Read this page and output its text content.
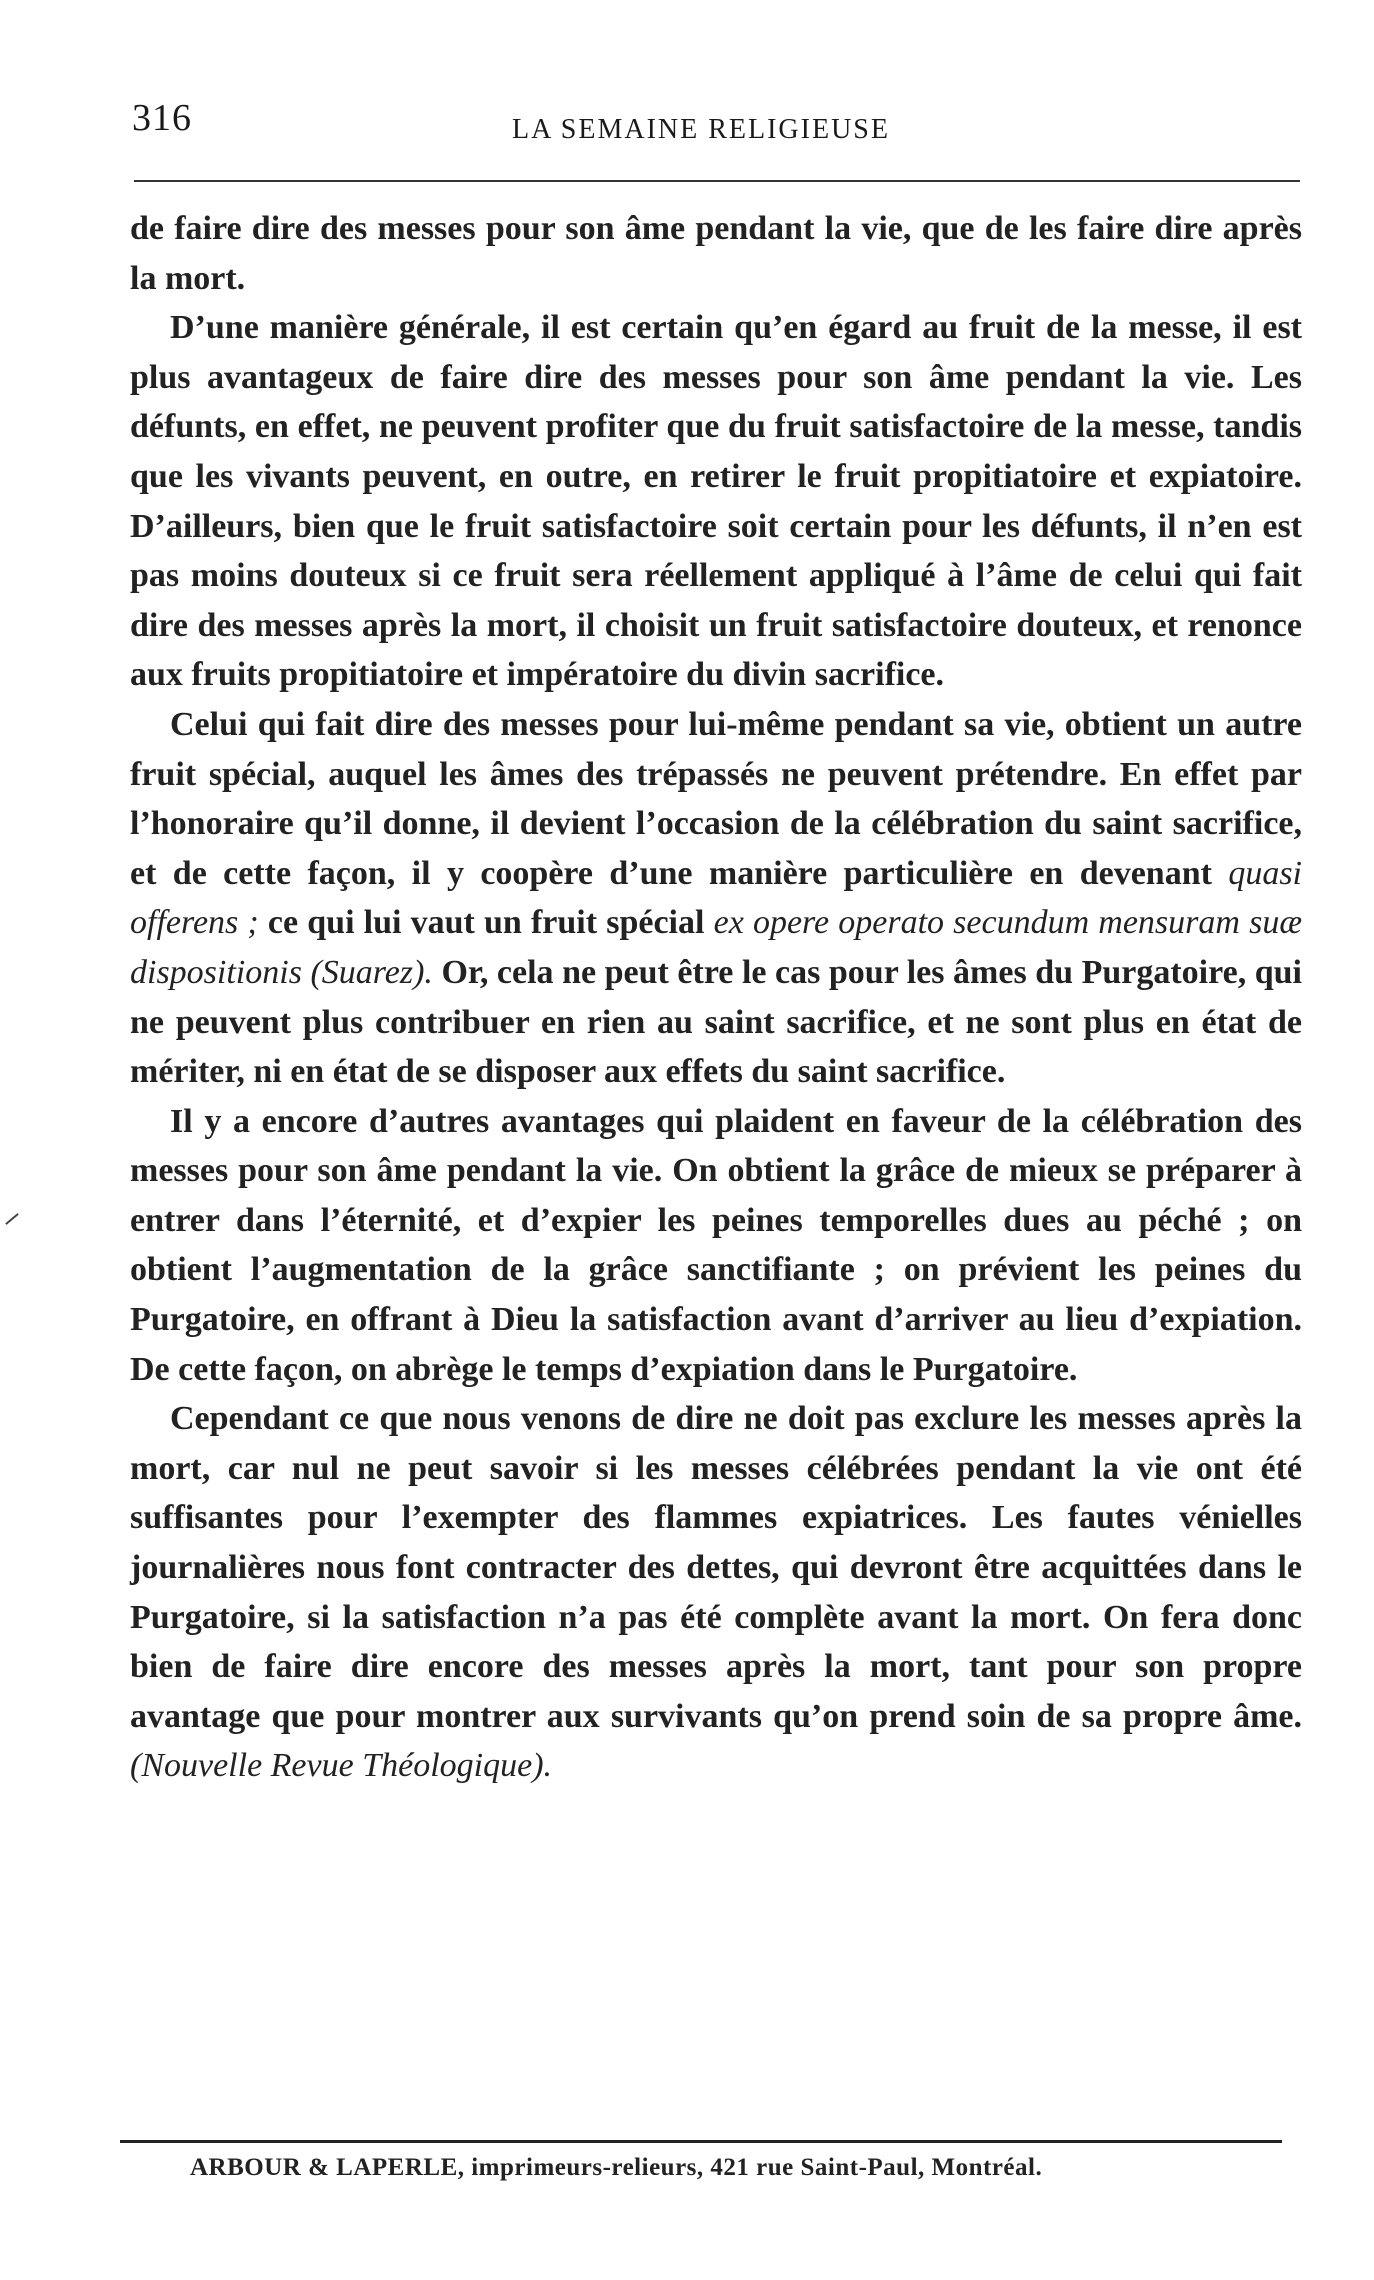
316	LA SEMAINE RELIGIEUSE

de faire dire des messes pour son âme pendant la vie, que de les faire dire après la mort.

D’une manière générale, il est certain qu’en égard au fruit de la messe, il est plus avantageux de faire dire des messes pour son âme pendant la vie. Les défunts, en effet, ne peuvent profiter que du fruit satisfactoire de la messe, tandis que les vivants peuvent, en outre, en retirer le fruit propitiatoire et expiatoire. D’ailleurs, bien que le fruit satisfactoire soit certain pour les défunts, il n’en est pas moins douteux si ce fruit sera réellement appliqué à l’âme de celui qui fait dire des messes après la mort, il choisit un fruit satisfactoire douteux, et renonce aux fruits propitiatoire et impératoire du divin sacrifice.

Celui qui fait dire des messes pour lui-même pendant sa vie, obtient un autre fruit spécial, auquel les âmes des trépassés ne peuvent prétendre. En effet par l’honoraire qu’il donne, il devient l’occasion de la célébration du saint sacrifice, et de cette façon, il y coopère d’une manière particulière en devenant quasi offerens ; ce qui lui vaut un fruit spécial ex opere operato secundum mensuram suæ dispositionis (Suarez). Or, cela ne peut être le cas pour les âmes du Purgatoire, qui ne peuvent plus contribuer en rien au saint sacrifice, et ne sont plus en état de mériter, ni en état de se disposer aux effets du saint sacrifice.

Il y a encore d’autres avantages qui plaident en faveur de la célébration des messes pour son âme pendant la vie. On obtient la grâce de mieux se préparer à entrer dans l’éternité, et d’expier les peines temporelles dues au péché ; on obtient l’augmentation de la grâce sanctifiante ; on prévient les peines du Purgatoire, en offrant à Dieu la satisfaction avant d’arriver au lieu d’expiation. De cette façon, on abrège le temps d’expiation dans le Purgatoire.

Cependant ce que nous venons de dire ne doit pas exclure les messes après la mort, car nul ne peut savoir si les messes célébrées pendant la vie ont été suffisantes pour l’exempter des flammes expiatrices. Les fautes vénielles journalières nous font contracter des dettes, qui devront être acquittées dans le Purgatoire, si la satisfaction n’a pas été complète avant la mort. On fera donc bien de faire dire encore des messes après la mort, tant pour son propre avantage que pour montrer aux survivants qu’on prend soin de sa propre âme. (Nouvelle Revue Théologique).

ARBOUR & LAPERLE, imprimeurs-relieurs, 421 rue Saint-Paul, Montréal.
